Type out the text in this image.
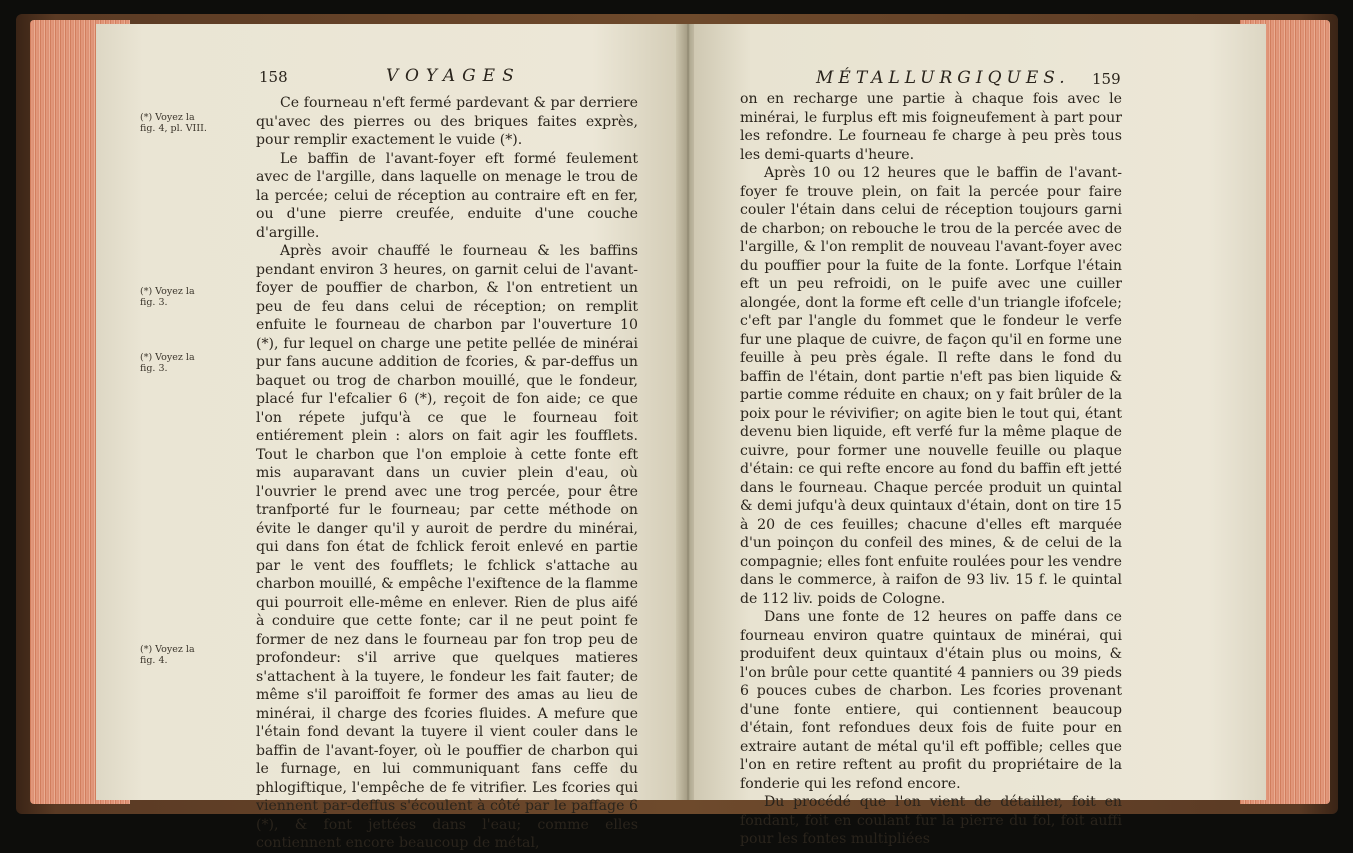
158	VOYAGES
(*) Voyez la fig. 4, pl. VIII.
(*) Voyez la fig. 3.
(*) Voyez la fig. 3.
(*) Voyez la fig. 4.

Ce fourneau n'eft fermé pardevant & par derriere qu'avec des pierres ou des briques faites exprès, pour remplir exactement le vuide (*).

Le baffin de l'avant-foyer eft formé feulement avec de l'argille, dans laquelle on menage le trou de la percée; celui de réception au contraire eft en fer, ou d'une pierre creufée, enduite d'une couche d'argille.

Après avoir chauffé le fourneau & les baffins pendant environ 3 heures, on garnit celui de l'avant-foyer de pouffier de charbon, & l'on entretient un peu de feu dans celui de réception; on remplit enfuite le fourneau de charbon par l'ouverture 10 (*), fur lequel on charge une petite pellée de minérai pur fans aucune addition de fcories, & par-deffus un baquet ou trog de charbon mouillé, que le fondeur, placé fur l'efcalier 6 (*), reçoit de fon aide; ce que l'on répete jufqu'à ce que le fourneau foit entiérement plein : alors on fait agir les foufflets. Tout le charbon que l'on emploie à cette fonte eft mis auparavant dans un cuvier plein d'eau, où l'ouvrier le prend avec une trog percée, pour être tranfporté fur le fourneau; par cette méthode on évite le danger qu'il y auroit de perdre du minérai, qui dans fon état de fchlick feroit enlevé en partie par le vent des foufflets; le fchlick s'attache au charbon mouillé, & empêche l'exiftence de la flamme qui pourroit elle-même en enlever. Rien de plus aifé à conduire que cette fonte; car il ne peut point fe former de nez dans le fourneau par fon trop peu de profondeur: s'il arrive que quelques matieres s'attachent à la tuyere, le fondeur les fait fauter; de même s'il paroiffoit fe former des amas au lieu de minérai, il charge des fcories fluides. A mefure que l'étain fond devant la tuyere il vient couler dans le baffin de l'avant-foyer, où le pouffier de charbon qui le furnage, en lui communiquant fans ceffe du phlogiftique, l'empêche de fe vitrifier. Les fcories qui viennent par-deffus s'écoulent à côté par le paffage 6 (*), & font jettées dans l'eau; comme elles contiennent encore beaucoup de métal,

MÉTALLURGIQUES. 159

on en recharge une partie à chaque fois avec le minérai, le furplus eft mis foigneufement à part pour les refondre. Le fourneau fe charge à peu près tous les demi-quarts d'heure.

Après 10 ou 12 heures que le baffin de l'avant-foyer fe trouve plein, on fait la percée pour faire couler l'étain dans celui de réception toujours garni de charbon; on rebouche le trou de la percée avec de l'argille, & l'on remplit de nouveau l'avant-foyer avec du pouffier pour la fuite de la fonte. Lorfque l'étain eft un peu refroidi, on le puife avec une cuiller alongée, dont la forme eft celle d'un triangle ifofcele; c'eft par l'angle du fommet que le fondeur le verfe fur une plaque de cuivre, de façon qu'il en forme une feuille à peu près égale. Il refte dans le fond du baffin de l'étain, dont partie n'eft pas bien liquide & partie comme réduite en chaux; on y fait brûler de la poix pour le révivifier; on agite bien le tout qui, étant devenu bien liquide, eft verfé fur la même plaque de cuivre, pour former une nouvelle feuille ou plaque d'étain: ce qui refte encore au fond du baffin eft jetté dans le fourneau. Chaque percée produit un quintal & demi jufqu'à deux quintaux d'étain, dont on tire 15 à 20 de ces feuilles; chacune d'elles eft marquée d'un poinçon du confeil des mines, & de celui de la compagnie; elles font enfuite roulées pour les vendre dans le commerce, à raifon de 93 liv. 15 f. le quintal de 112 liv. poids de Cologne.

Dans une fonte de 12 heures on paffe dans ce fourneau environ quatre quintaux de minérai, qui produifent deux quintaux d'étain plus ou moins, & l'on brûle pour cette quantité 4 panniers ou 39 pieds 6 pouces cubes de charbon. Les fcories provenant d'une fonte entiere, qui contiennent beaucoup d'étain, font refondues deux fois de fuite pour en extraire autant de métal qu'il eft poffible; celles que l'on en retire reftent au profit du propriétaire de la fonderie qui les refond encore.

Du procédé que l'on vient de détailler, foit en fondant, foit en coulant fur la pierre du fol, foit auffi pour les fontes multipliées
